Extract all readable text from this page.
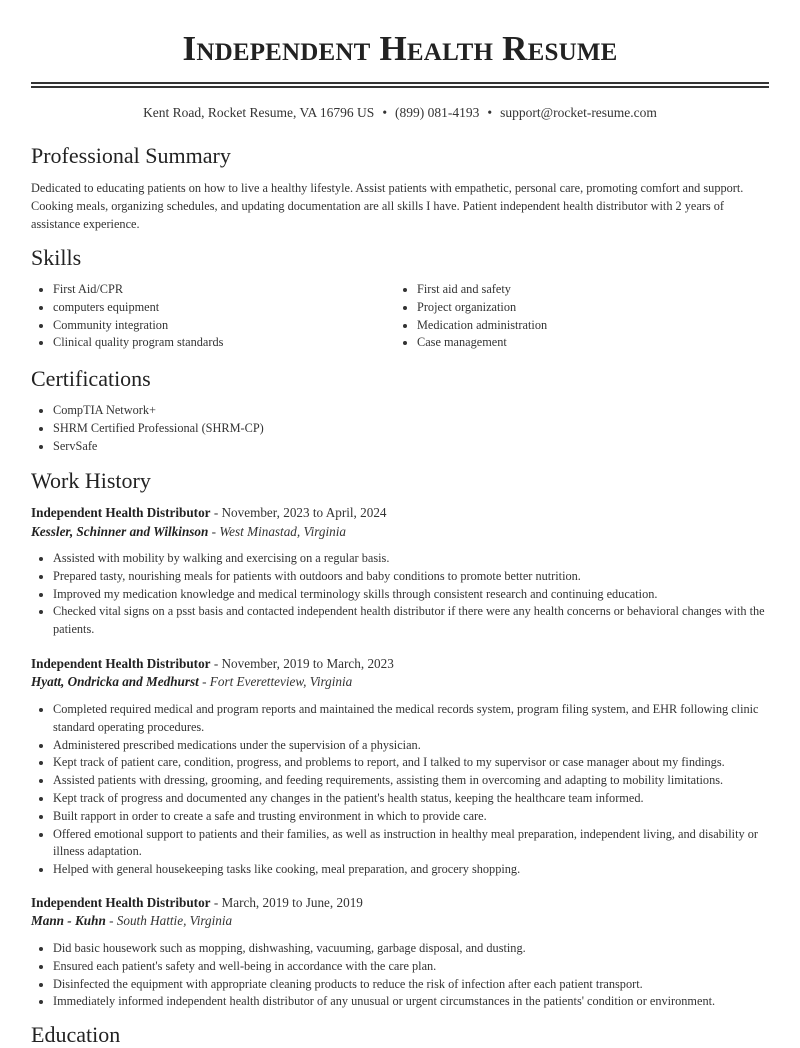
Independent Health Resume
Kent Road, Rocket Resume, VA 16796 US • (899) 081-4193 • support@rocket-resume.com
Professional Summary

Dedicated to educating patients on how to live a healthy lifestyle. Assist patients with empathetic, personal care, promoting comfort and support. Cooking meals, organizing schedules, and updating documentation are all skills I have. Patient independent health distributor with 2 years of assistance experience.

Skills
• First Aid/CPR
• computers equipment
• Community integration
• Clinical quality program standards
• First aid and safety
• Project organization
• Medication administration
• Case management
Certifications
• CompTIA Network+
• SHRM Certified Professional (SHRM-CP)
• ServSafe
Work History
Independent Health Distributor - November, 2023 to April, 2024
Kessler, Schinner and Wilkinson - West Minastad, Virginia
• Assisted with mobility by walking and exercising on a regular basis.
• Prepared tasty, nourishing meals for patients with outdoors and baby conditions to promote better nutrition.
• Improved my medication knowledge and medical terminology skills through consistent research and continuing education.
• Checked vital signs on a psst basis and contacted independent health distributor if there were any health concerns or behavioral changes with the patients.
Independent Health Distributor - November, 2019 to March, 2023
Hyatt, Ondricka and Medhurst - Fort Everetteview, Virginia
• Completed required medical and program reports and maintained the medical records system, program filing system, and EHR following clinic standard operating procedures.
• Administered prescribed medications under the supervision of a physician.
• Kept track of patient care, condition, progress, and problems to report, and I talked to my supervisor or case manager about my findings.
• Assisted patients with dressing, grooming, and feeding requirements, assisting them in overcoming and adapting to mobility limitations.
• Kept track of progress and documented any changes in the patient's health status, keeping the healthcare team informed.
• Built rapport in order to create a safe and trusting environment in which to provide care.
• Offered emotional support to patients and their families, as well as instruction in healthy meal preparation, independent living, and disability or illness adaptation.
• Helped with general housekeeping tasks like cooking, meal preparation, and grocery shopping.
Independent Health Distributor - March, 2019 to June, 2019
Mann - Kuhn - South Hattie, Virginia
• Did basic housework such as mopping, dishwashing, vacuuming, garbage disposal, and dusting.
• Ensured each patient's safety and well-being in accordance with the care plan.
• Disinfected the equipment with appropriate cleaning products to reduce the risk of infection after each patient transport.
• Immediately informed independent health distributor of any unusual or urgent circumstances in the patients' condition or environment.
Education
